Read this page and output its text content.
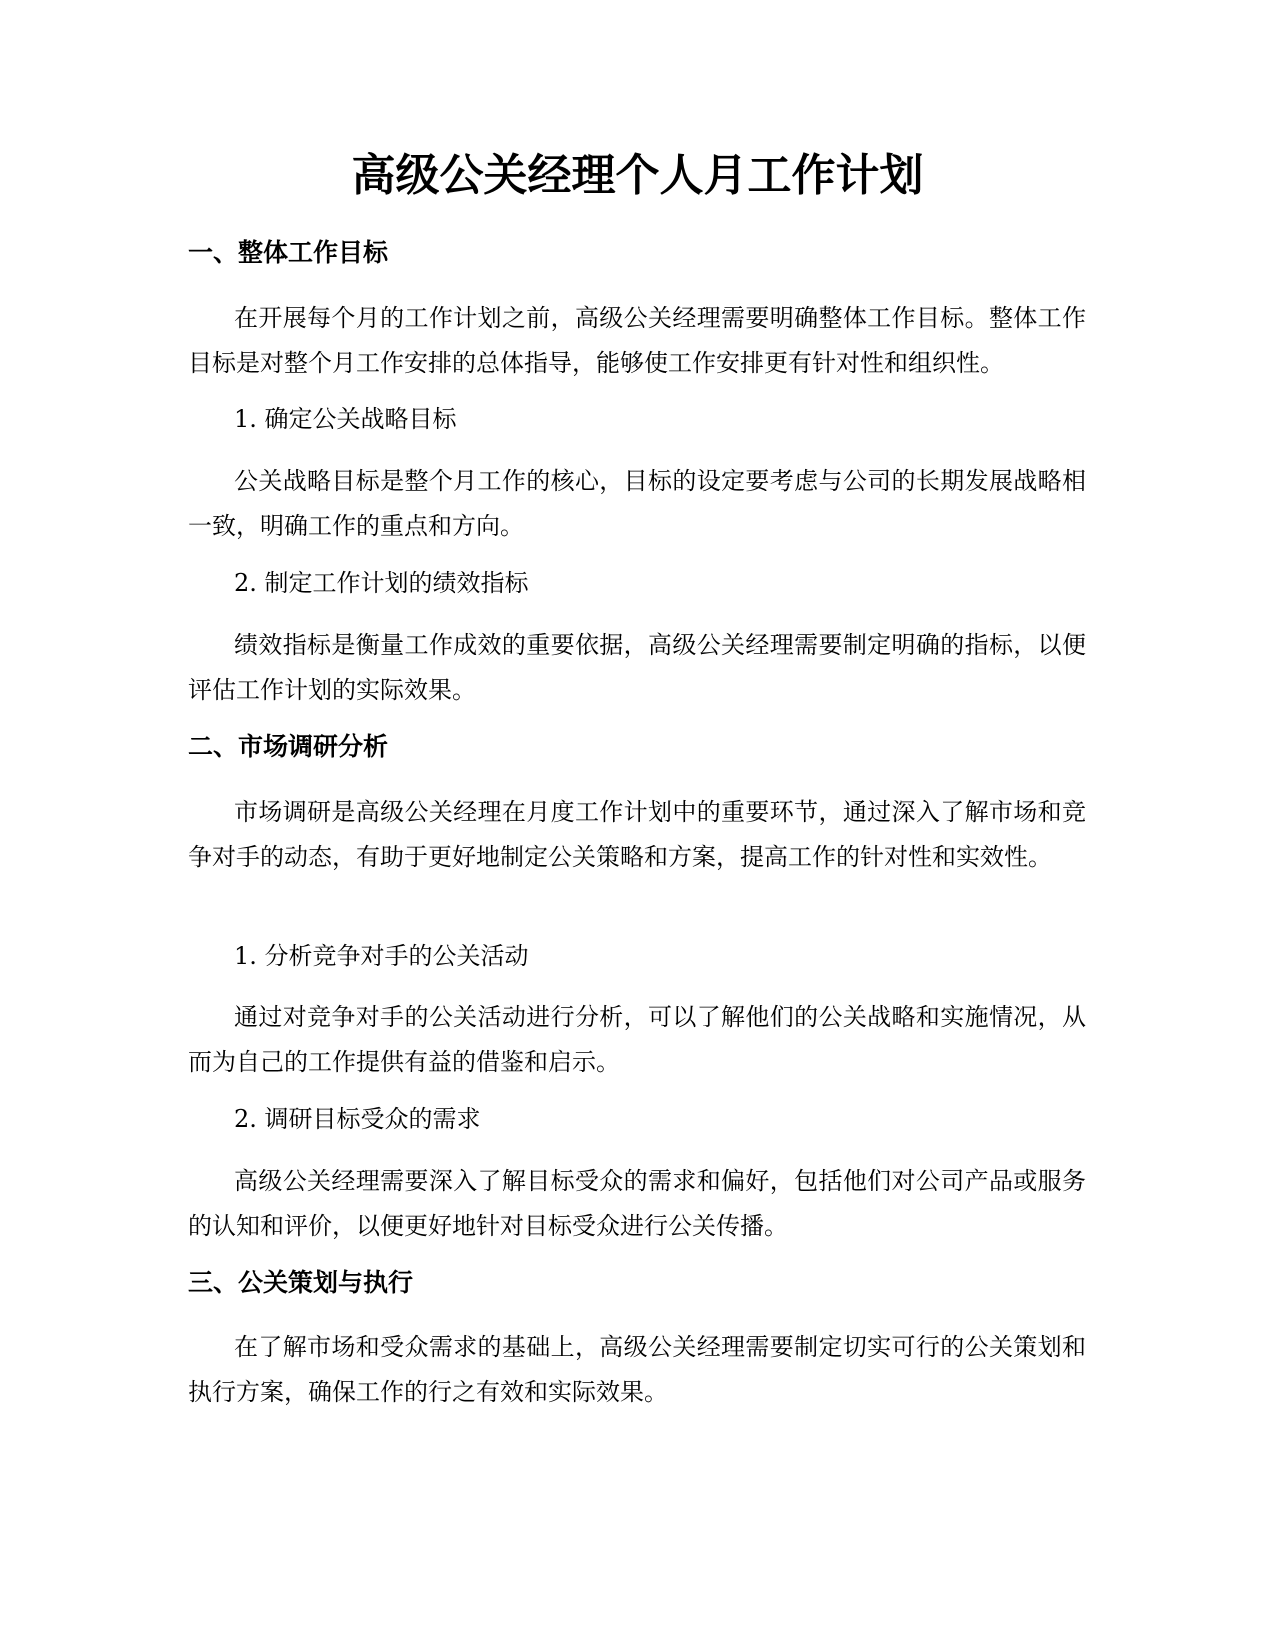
高级公关经理个人月工作计划
一、整体工作目标

在开展每个月的工作计划之前，高级公关经理需要明确整体工作目标。整体工作目标是对整个月工作安排的总体指导，能够使工作安排更有针对性和组织性。

1. 确定公关战略目标

公关战略目标是整个月工作的核心，目标的设定要考虑与公司的长期发展战略相一致，明确工作的重点和方向。

2. 制定工作计划的绩效指标

绩效指标是衡量工作成效的重要依据，高级公关经理需要制定明确的指标，以便评估工作计划的实际效果。

二、市场调研分析

市场调研是高级公关经理在月度工作计划中的重要环节，通过深入了解市场和竞争对手的动态，有助于更好地制定公关策略和方案，提高工作的针对性和实效性。

1. 分析竞争对手的公关活动

通过对竞争对手的公关活动进行分析，可以了解他们的公关战略和实施情况，从而为自己的工作提供有益的借鉴和启示。

2. 调研目标受众的需求

高级公关经理需要深入了解目标受众的需求和偏好，包括他们对公司产品或服务的认知和评价，以便更好地针对目标受众进行公关传播。

三、公关策划与执行

在了解市场和受众需求的基础上，高级公关经理需要制定切实可行的公关策划和执行方案，确保工作的行之有效和实际效果。
